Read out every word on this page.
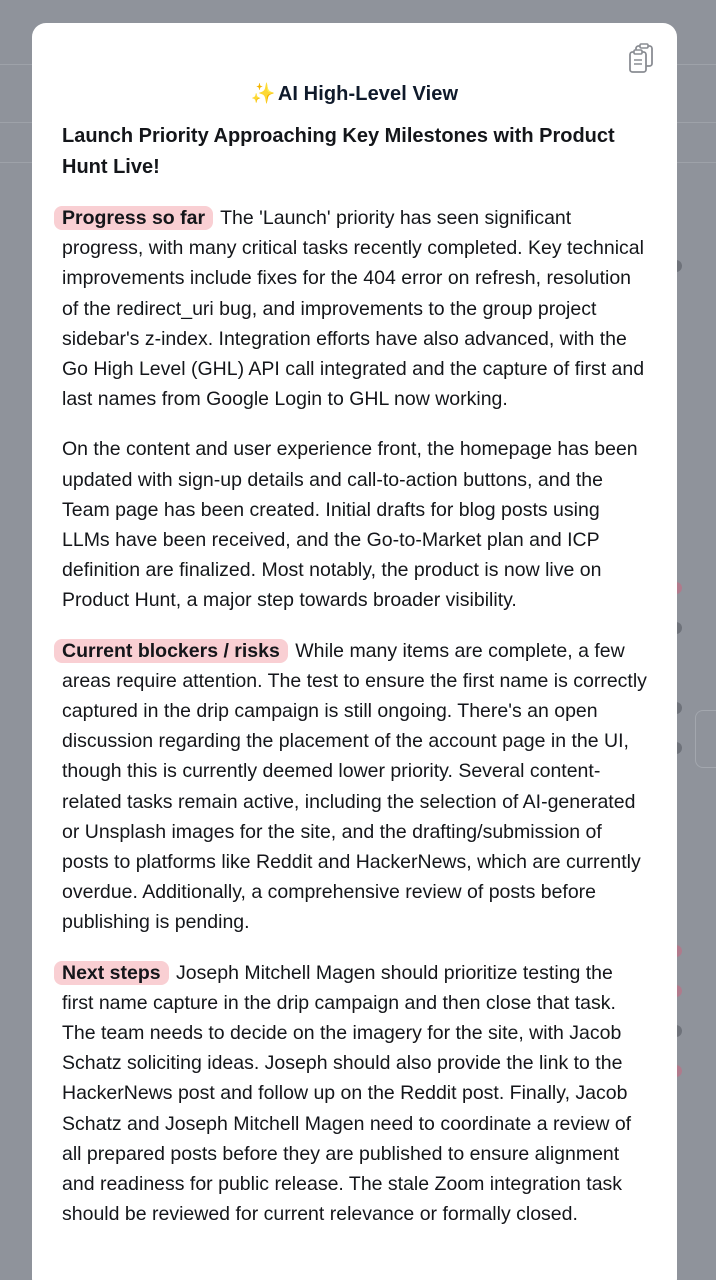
✨ AI High-Level View
Launch Priority Approaching Key Milestones with Product Hunt Live!
Progress so far The 'Launch' priority has seen significant progress, with many critical tasks recently completed. Key technical improvements include fixes for the 404 error on refresh, resolution of the redirect_uri bug, and improvements to the group project sidebar's z-index. Integration efforts have also advanced, with the Go High Level (GHL) API call integrated and the capture of first and last names from Google Login to GHL now working.
On the content and user experience front, the homepage has been updated with sign-up details and call-to-action buttons, and the Team page has been created. Initial drafts for blog posts using LLMs have been received, and the Go-to-Market plan and ICP definition are finalized. Most notably, the product is now live on Product Hunt, a major step towards broader visibility.
Current blockers / risks While many items are complete, a few areas require attention. The test to ensure the first name is correctly captured in the drip campaign is still ongoing. There's an open discussion regarding the placement of the account page in the UI, though this is currently deemed lower priority. Several content-related tasks remain active, including the selection of AI-generated or Unsplash images for the site, and the drafting/submission of posts to platforms like Reddit and HackerNews, which are currently overdue. Additionally, a comprehensive review of posts before publishing is pending.
Next steps Joseph Mitchell Magen should prioritize testing the first name capture in the drip campaign and then close that task. The team needs to decide on the imagery for the site, with Jacob Schatz soliciting ideas. Joseph should also provide the link to the HackerNews post and follow up on the Reddit post. Finally, Jacob Schatz and Joseph Mitchell Magen need to coordinate a review of all prepared posts before they are published to ensure alignment and readiness for public release. The stale Zoom integration task should be reviewed for current relevance or formally closed.
